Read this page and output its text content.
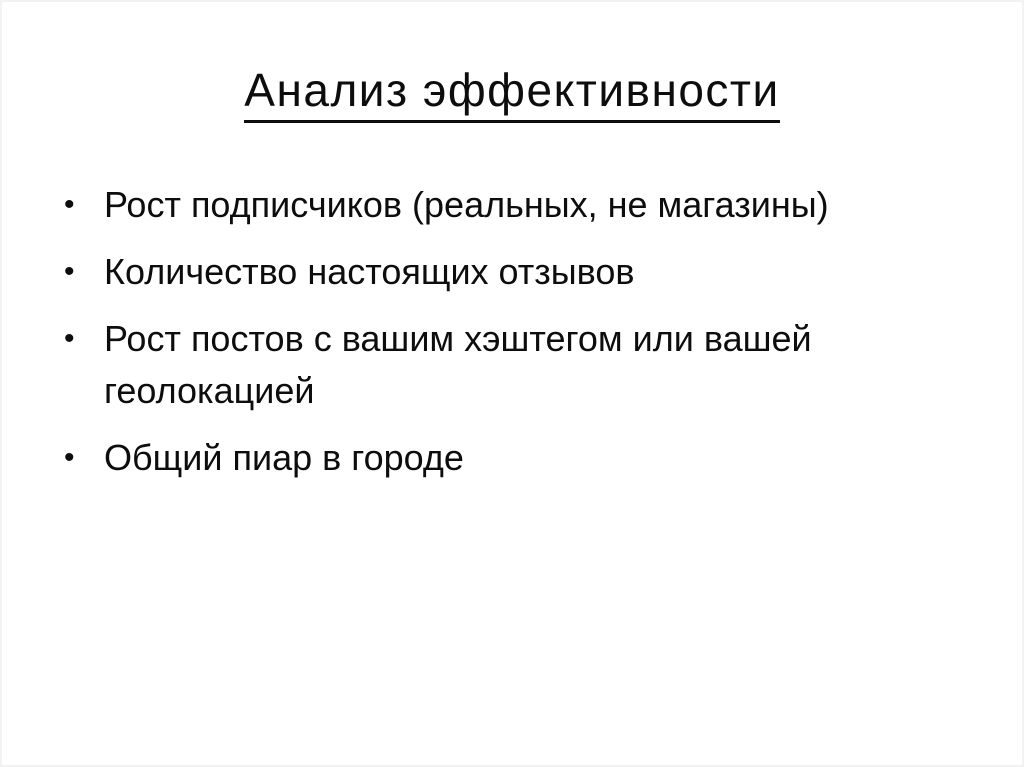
Анализ эффективности
• Рост подписчиков (реальных, не магазины)
• Количество настоящих отзывов
• Рост постов с вашим хэштегом или вашей геолокацией
• Общий пиар в городе
